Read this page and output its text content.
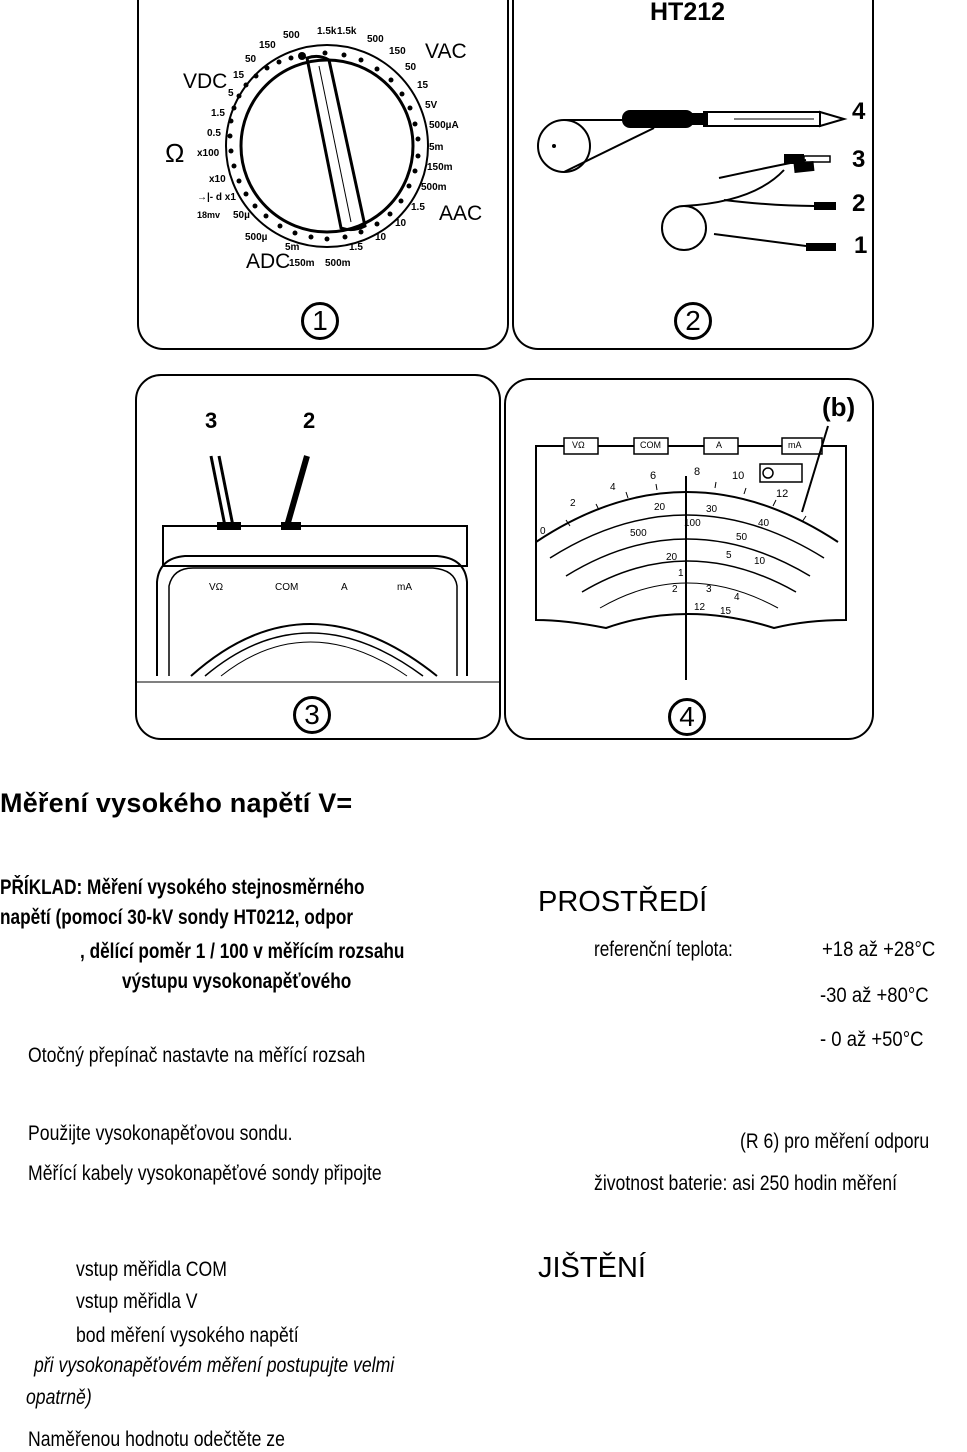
VDC
VAC
ADC
AAC
Ω
1.5k
500
150
50
15
5
1.5
0.5
x100
x10
→|- d x1
18mv 50µ
500µ
5m
150m 500m
1.5
10
1.5k
500
150
50
15
5V
500µA
5m
150m
500m
1.5
10
1
HT212
4
3
2
1
2
3	2
VΩ	COM	A	mA
3
(b)
VΩ	COM	A	mA
2
4
6	8	10
12
20	30
40
100
500	50
0
5
10
20
1
2	3
4
12 15
4
Měření vysokého napětí V=
PŘÍKLAD: Měření vysokého stejnosměrného
napětí (pomocí 30-kV sondy HT0212, odpor
, dělící poměr 1 / 100 v měřícím rozsahu
výstupu vysokonapěťového
Otočný přepínač nastavte na měřící rozsah
Použijte vysokonapěťovou sondu.
Měřící kabely vysokonapěťové sondy připojte
vstup měřidla COM
vstup měřidla V
bod měření vysokého napětí
při vysokonapěťovém měření postupujte velmi
opatrně)
Naměřenou hodnotu odečtěte ze
PROSTŘEDÍ
referenční teplota:	+18 až +28°C
-30 až +80°C
- 0 až +50°C
(R 6) pro měření odporu
životnost baterie: asi 250 hodin měření
JIŠTĚNÍ
